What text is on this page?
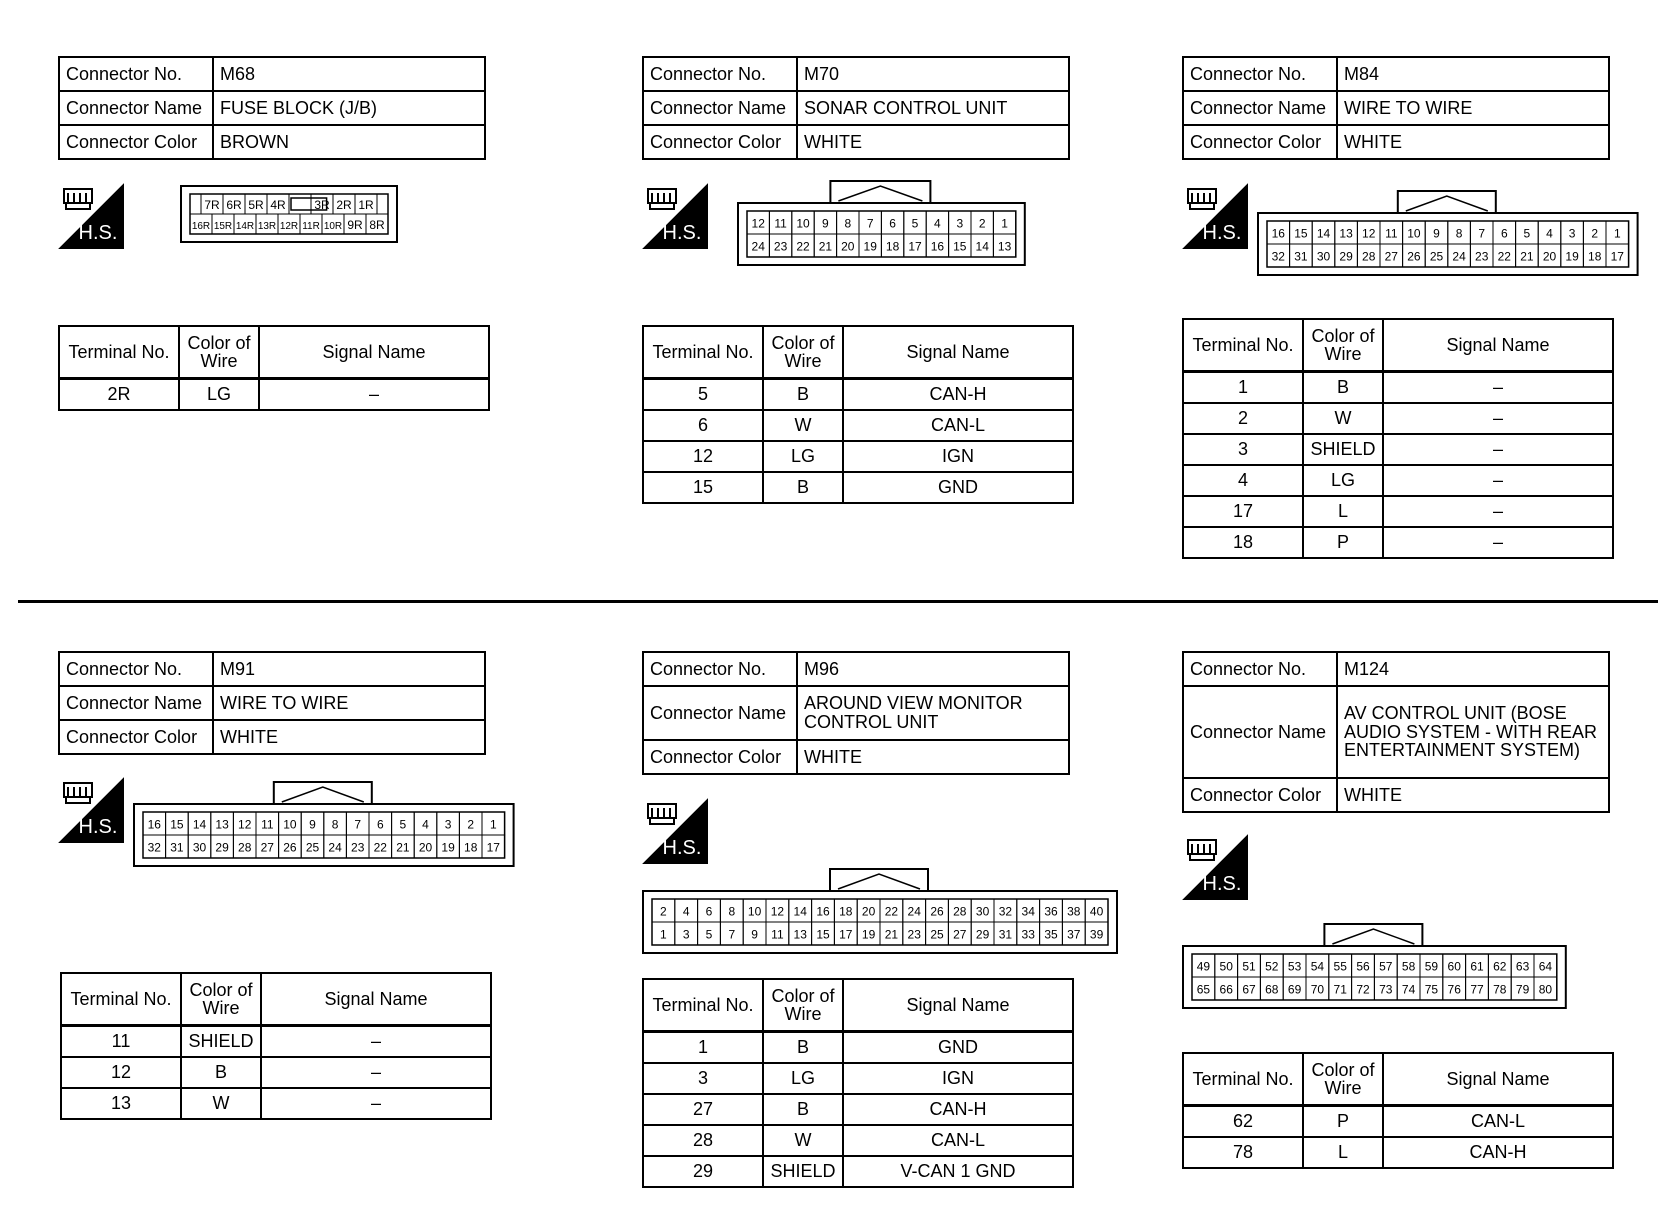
Connector No.	M68
Connector Name	FUSE BLOCK (J/B)
Connector Color	BROWN
H.S.
7R 6R 5R 4R 3R 2R 1R
16R 15R 14R 13R 12R 11R 10R 9R 8R
Terminal No.	Color of Wire	Signal Name
2R	LG	–
Connector No.	M70
Connector Name	SONAR CONTROL UNIT
Connector Color	WHITE
H.S.	12 11 10 9 8 7 6 5 4 3 2 1
24 23 22 21 20 19 18 17 16 15 14 13
Terminal No.	Color of Wire	Signal Name
5	B	CAN-H
6	W	CAN-L
12	LG	IGN
15	B	GND
Connector No.	M84
Connector Name	WIRE TO WIRE
Connector Color	WHITE
H.S.	16 15 14 13 12 11 10 9 8 7 6 5 4 3 2 1
32 31 30 29 28 27 26 25 24 23 22 21 20 19 18 17
Terminal No.	Color of Wire	Signal Name
1	B	–
2	W	–
3	SHIELD	–
4	LG	–
17	L	–
18	P	–
Connector No.	M91
Connector Name	WIRE TO WIRE
Connector Color	WHITE
H.S.	16 15 14 13 12 11 10 9 8 7 6 5 4 3 2 1
32 31 30 29 28 27 26 25 24 23 22 21 20 19 18 17
Terminal No.	Color of Wire	Signal Name
11	SHIELD	–
12	B	–
13	W	–
Connector No.	M96
Connector Name	AROUND VIEW MONITOR CONTROL UNIT
Connector Color	WHITE
H.S.
2 4 6 8 10 12 14 16 18 20 22 24 26 28 30 32 34 36 38 40
1 3 5 7 9 11 13 15 17 19 21 23 25 27 29 31 33 35 37 39
Terminal No.	Color of Wire	Signal Name
1	B	GND
3	LG	IGN
27	B	CAN-H
28	W	CAN-L
29	SHIELD	V-CAN 1 GND
Connector No.	M124
Connector Name	AV CONTROL UNIT (BOSE AUDIO SYSTEM - WITH REAR ENTERTAINMENT SYSTEM)
Connector Color	WHITE
H.S.
49 50 51 52 53 54 55 56 57 58 59 60 61 62 63 64
65 66 67 68 69 70 71 72 73 74 75 76 77 78 79 80
Terminal No.	Color of Wire	Signal Name
62	P	CAN-L
78	L	CAN-H
